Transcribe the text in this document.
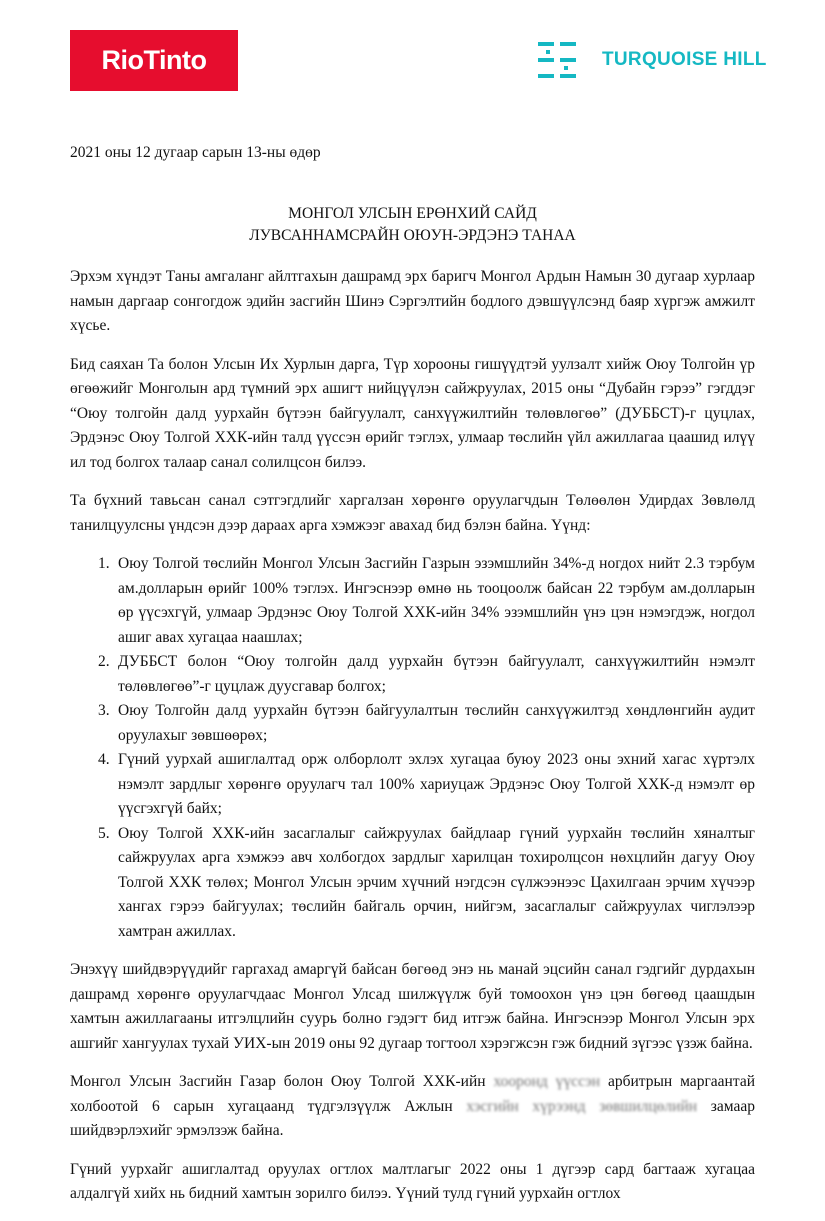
RioTinto	TURQUOISE HILL
2021 оны 12 дугаар сарын 13-ны өдөр
МОНГОЛ УЛСЫН ЕРӨНХИЙ САЙД
ЛУВСАННАМСРАЙН ОЮУН-ЭРДЭНЭ ТАНАА

Эрхэм хүндэт Таны амгаланг айлтгахын дашрамд эрх баригч Монгол Ардын Намын 30 дугаар хурлаар намын даргаар сонгогдож эдийн засгийн Шинэ Сэргэлтийн бодлого дэвшүүлсэнд баяр хүргэж амжилт хүсье.

Бид саяхан Та болон Улсын Их Хурлын дарга, Түр хорооны гишүүдтэй уулзалт хийж Оюу Толгойн үр өгөөжийг Монголын ард түмний эрх ашигт нийцүүлэн сайжруулах, 2015 оны “Дубайн гэрээ” гэгддэг “Оюу толгойн далд уурхайн бүтээн байгуулалт, санхүүжилтийн төлөвлөгөө” (ДУББСТ)-г цуцлах, Эрдэнэс Оюу Толгой ХХК-ийн талд үүссэн өрийг тэглэх, улмаар төслийн үйл ажиллагаа цаашид илүү ил тод болгох талаар санал солилцсон билээ.

Та бүхний тавьсан санал сэтгэгдлийг харгалзан хөрөнгө оруулагчдын Төлөөлөн Удирдах Зөвлөлд танилцуулсны үндсэн дээр дараах арга хэмжээг авахад бид бэлэн байна. Үүнд:

1. Оюу Толгой төслийн Монгол Улсын Засгийн Газрын эзэмшлийн 34%-д ногдох нийт 2.3 тэрбум ам.долларын өрийг 100% тэглэх. Ингэснээр өмнө нь тооцоолж байсан 22 тэрбум ам.долларын өр үүсэхгүй, улмаар Эрдэнэс Оюу Толгой ХХК-ийн 34% эзэмшлийн үнэ цэн нэмэгдэж, ногдол ашиг авах хугацаа наашлах;
2. ДУББСТ болон “Оюу толгойн далд уурхайн бүтээн байгуулалт, санхүүжилтийн нэмэлт төлөвлөгөө”-г цуцлаж дуусгавар болгох;
3. Оюу Толгойн далд уурхайн бүтээн байгуулалтын төслийн санхүүжилтэд хөндлөнгийн аудит оруулахыг зөвшөөрөх;
4. Гүний уурхай ашиглалтад орж олборлолт эхлэх хугацаа буюу 2023 оны эхний хагас хүртэлх нэмэлт зардлыг хөрөнгө оруулагч тал 100% хариуцаж Эрдэнэс Оюу Толгой ХХК-д нэмэлт өр үүсгэхгүй байх;
5. Оюу Толгой ХХК-ийн засаглалыг сайжруулах байдлаар гүний уурхайн төслийн хяналтыг сайжруулах арга хэмжээ авч холбогдох зардлыг харилцан тохиролцсон нөхцлийн дагуу Оюу Толгой ХХК төлөх; Монгол Улсын эрчим хүчний нэгдсэн сүлжээнээс Цахилгаан эрчим хүчээр хангах гэрээ байгуулах; төслийн байгаль орчин, нийгэм, засаглалыг сайжруулах чиглэлээр хамтран ажиллах.

Энэхүү шийдвэрүүдийг гаргахад амаргүй байсан бөгөөд энэ нь манай эцсийн санал гэдгийг дурдахын дашрамд хөрөнгө оруулагчдаас Монгол Улсад шилжүүлж буй томоохон үнэ цэн бөгөөд цаашдын хамтын ажиллагааны итгэлцлийн суурь болно гэдэгт бид итгэж байна. Ингэснээр Монгол Улсын эрх ашгийг хангуулах тухай УИХ-ын 2019 оны 92 дугаар тогтоол хэрэгжсэн гэж бидний зүгээс үзэж байна.

Монгол Улсын Засгийн Газар болон Оюу Толгой ХХК-ийн хооронд үүссэн арбитрын маргаантай холбоотой 6 сарын хугацаанд түдгэлзүүлж Ажлын хэсгийн хүрээнд зөвшилцөлийн замаар шийдвэрлэхийг эрмэлзэж байна.

Гүний уурхайг ашиглалтад оруулах огтлох малтлагыг 2022 оны 1 дүгээр сард багтааж хугацаа алдалгүй хийх нь бидний хамтын зорилго билээ. Үүний тулд гүний уурхайн огтлох
